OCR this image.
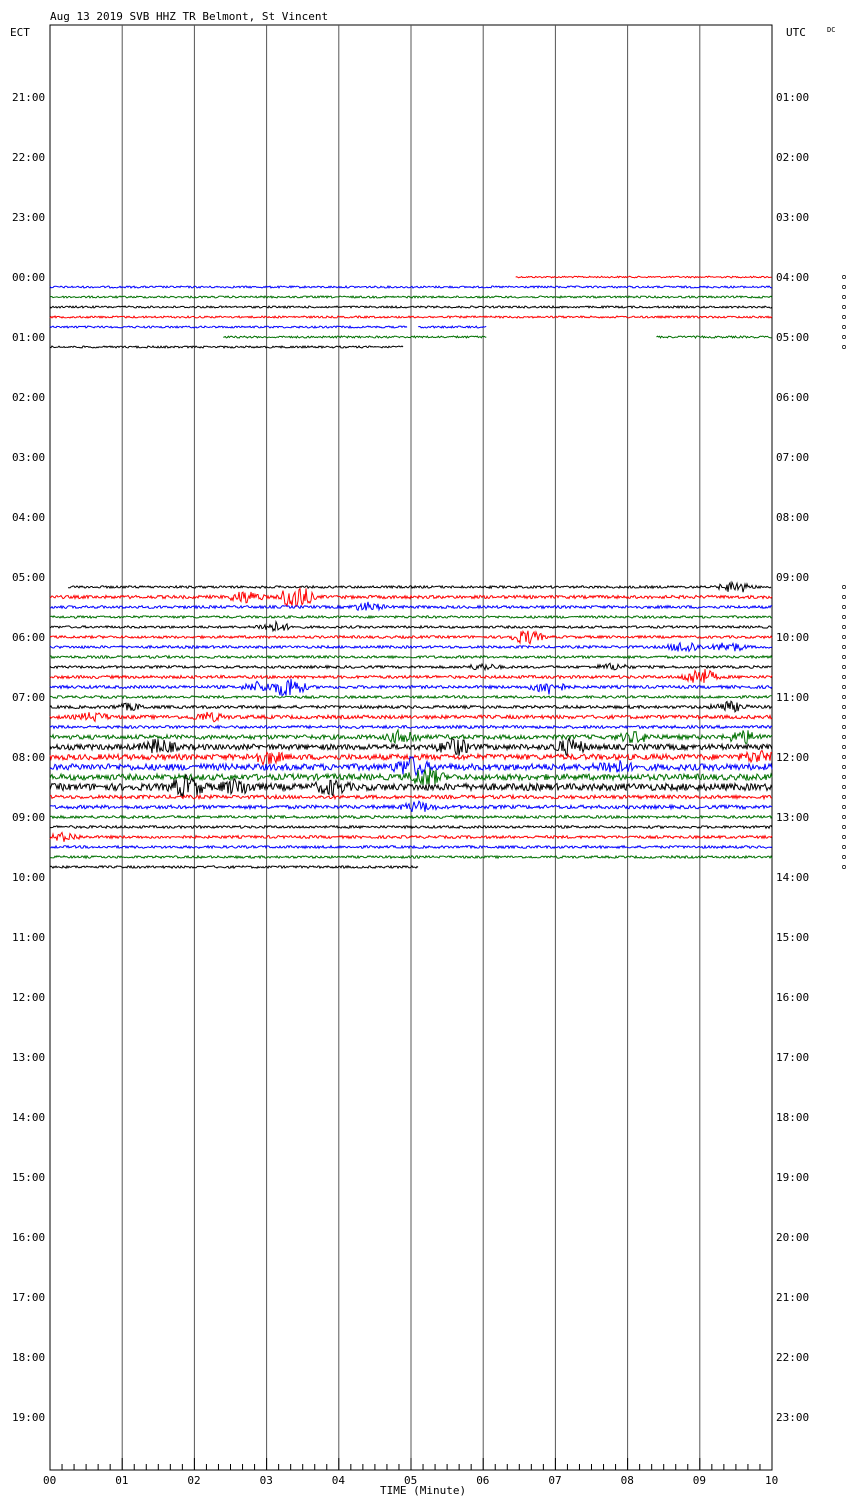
Aug 13 2019 SVB HHZ TR Belmont, St Vincent
ECT	UTC	DC
TIME (Minute)
21:00
22:00
23:00
00:00
01:00
02:00
03:00
04:00
05:00
06:00
07:00
08:00
09:00
10:00
11:00
12:00
13:00
14:00
15:00
16:00
17:00
18:00
19:00
01:00
02:00
03:00
04:00
05:00
06:00
07:00
08:00
09:00
10:00
11:00
12:00
13:00
14:00
15:00
16:00
17:00
18:00
19:00
20:00
21:00
22:00
23:00
00	01	02	03	04	05	06	07	08	09	10
